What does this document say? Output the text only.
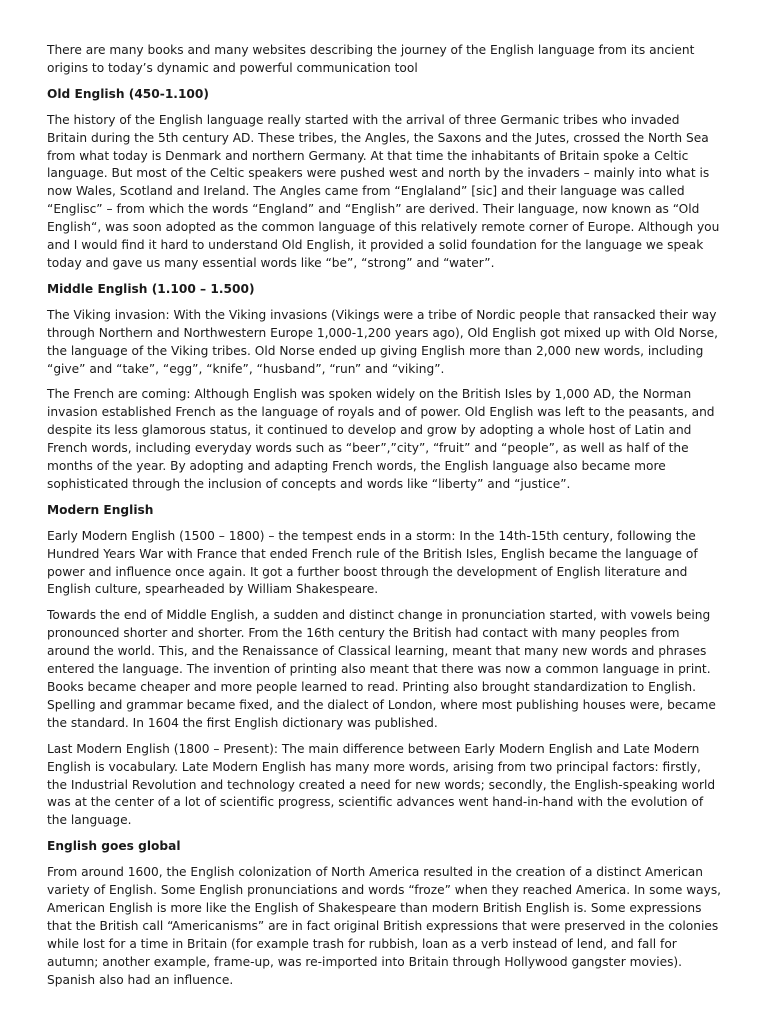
There are many books and many websites describing the journey of the English language from its ancient origins to today’s dynamic and powerful communication tool

Old English (450-1.100)

The history of the English language really started with the arrival of three Germanic tribes who invaded Britain during the 5th century AD. These tribes, the Angles, the Saxons and the Jutes, crossed the North Sea from what today is Denmark and northern Germany. At that time the inhabitants of Britain spoke a Celtic language. But most of the Celtic speakers were pushed west and north by the invaders – mainly into what is now Wales, Scotland and Ireland. The Angles came from “Englaland” [sic] and their language was called “Englisc” – from which the words “England” and “English” are derived. Their language, now known as “Old English“, was soon adopted as the common language of this relatively remote corner of Europe. Although you and I would find it hard to understand Old English, it provided a solid foundation for the language we speak today and gave us many essential words like “be”, “strong” and “water”.

Middle English (1.100 – 1.500)

The Viking invasion: With the Viking invasions (Vikings were a tribe of Nordic people that ransacked their way through Northern and Northwestern Europe 1,000-1,200 years ago), Old English got mixed up with Old Norse, the language of the Viking tribes. Old Norse ended up giving English more than 2,000 new words, including “give” and “take”, “egg”, “knife”, “husband”, “run” and “viking”.

The French are coming: Although English was spoken widely on the British Isles by 1,000 AD, the Norman invasion established French as the language of royals and of power. Old English was left to the peasants, and despite its less glamorous status, it continued to develop and grow by adopting a whole host of Latin and French words, including everyday words such as “beer”,”city”, “fruit” and “people”, as well as half of the months of the year. By adopting and adapting French words, the English language also became more sophisticated through the inclusion of concepts and words like “liberty” and “justice”.

Modern English

Early Modern English (1500 – 1800) – the tempest ends in a storm: In the 14th-15th century, following the Hundred Years War with France that ended French rule of the British Isles, English became the language of power and influence once again. It got a further boost through the development of English literature and English culture, spearheaded by William Shakespeare.

Towards the end of Middle English, a sudden and distinct change in pronunciation started, with vowels being pronounced shorter and shorter. From the 16th century the British had contact with many peoples from around the world. This, and the Renaissance of Classical learning, meant that many new words and phrases entered the language. The invention of printing also meant that there was now a common language in print. Books became cheaper and more people learned to read. Printing also brought standardization to English. Spelling and grammar became fixed, and the dialect of London, where most publishing houses were, became the standard. In 1604 the first English dictionary was published.

Last Modern English (1800 – Present): The main difference between Early Modern English and Late Modern English is vocabulary. Late Modern English has many more words, arising from two principal factors: firstly, the Industrial Revolution and technology created a need for new words; secondly, the English-speaking world was at the center of a lot of scientific progress, scientific advances went hand-in-hand with the evolution of the language.

English goes global

From around 1600, the English colonization of North America resulted in the creation of a distinct American variety of English. Some English pronunciations and words “froze” when they reached America. In some ways, American English is more like the English of Shakespeare than modern British English is. Some expressions that the British call “Americanisms” are in fact original British expressions that were preserved in the colonies while lost for a time in Britain (for example trash for rubbish, loan as a verb instead of lend, and fall for autumn; another example, frame-up, was re-imported into Britain through Hollywood gangster movies). Spanish also had an influence.
